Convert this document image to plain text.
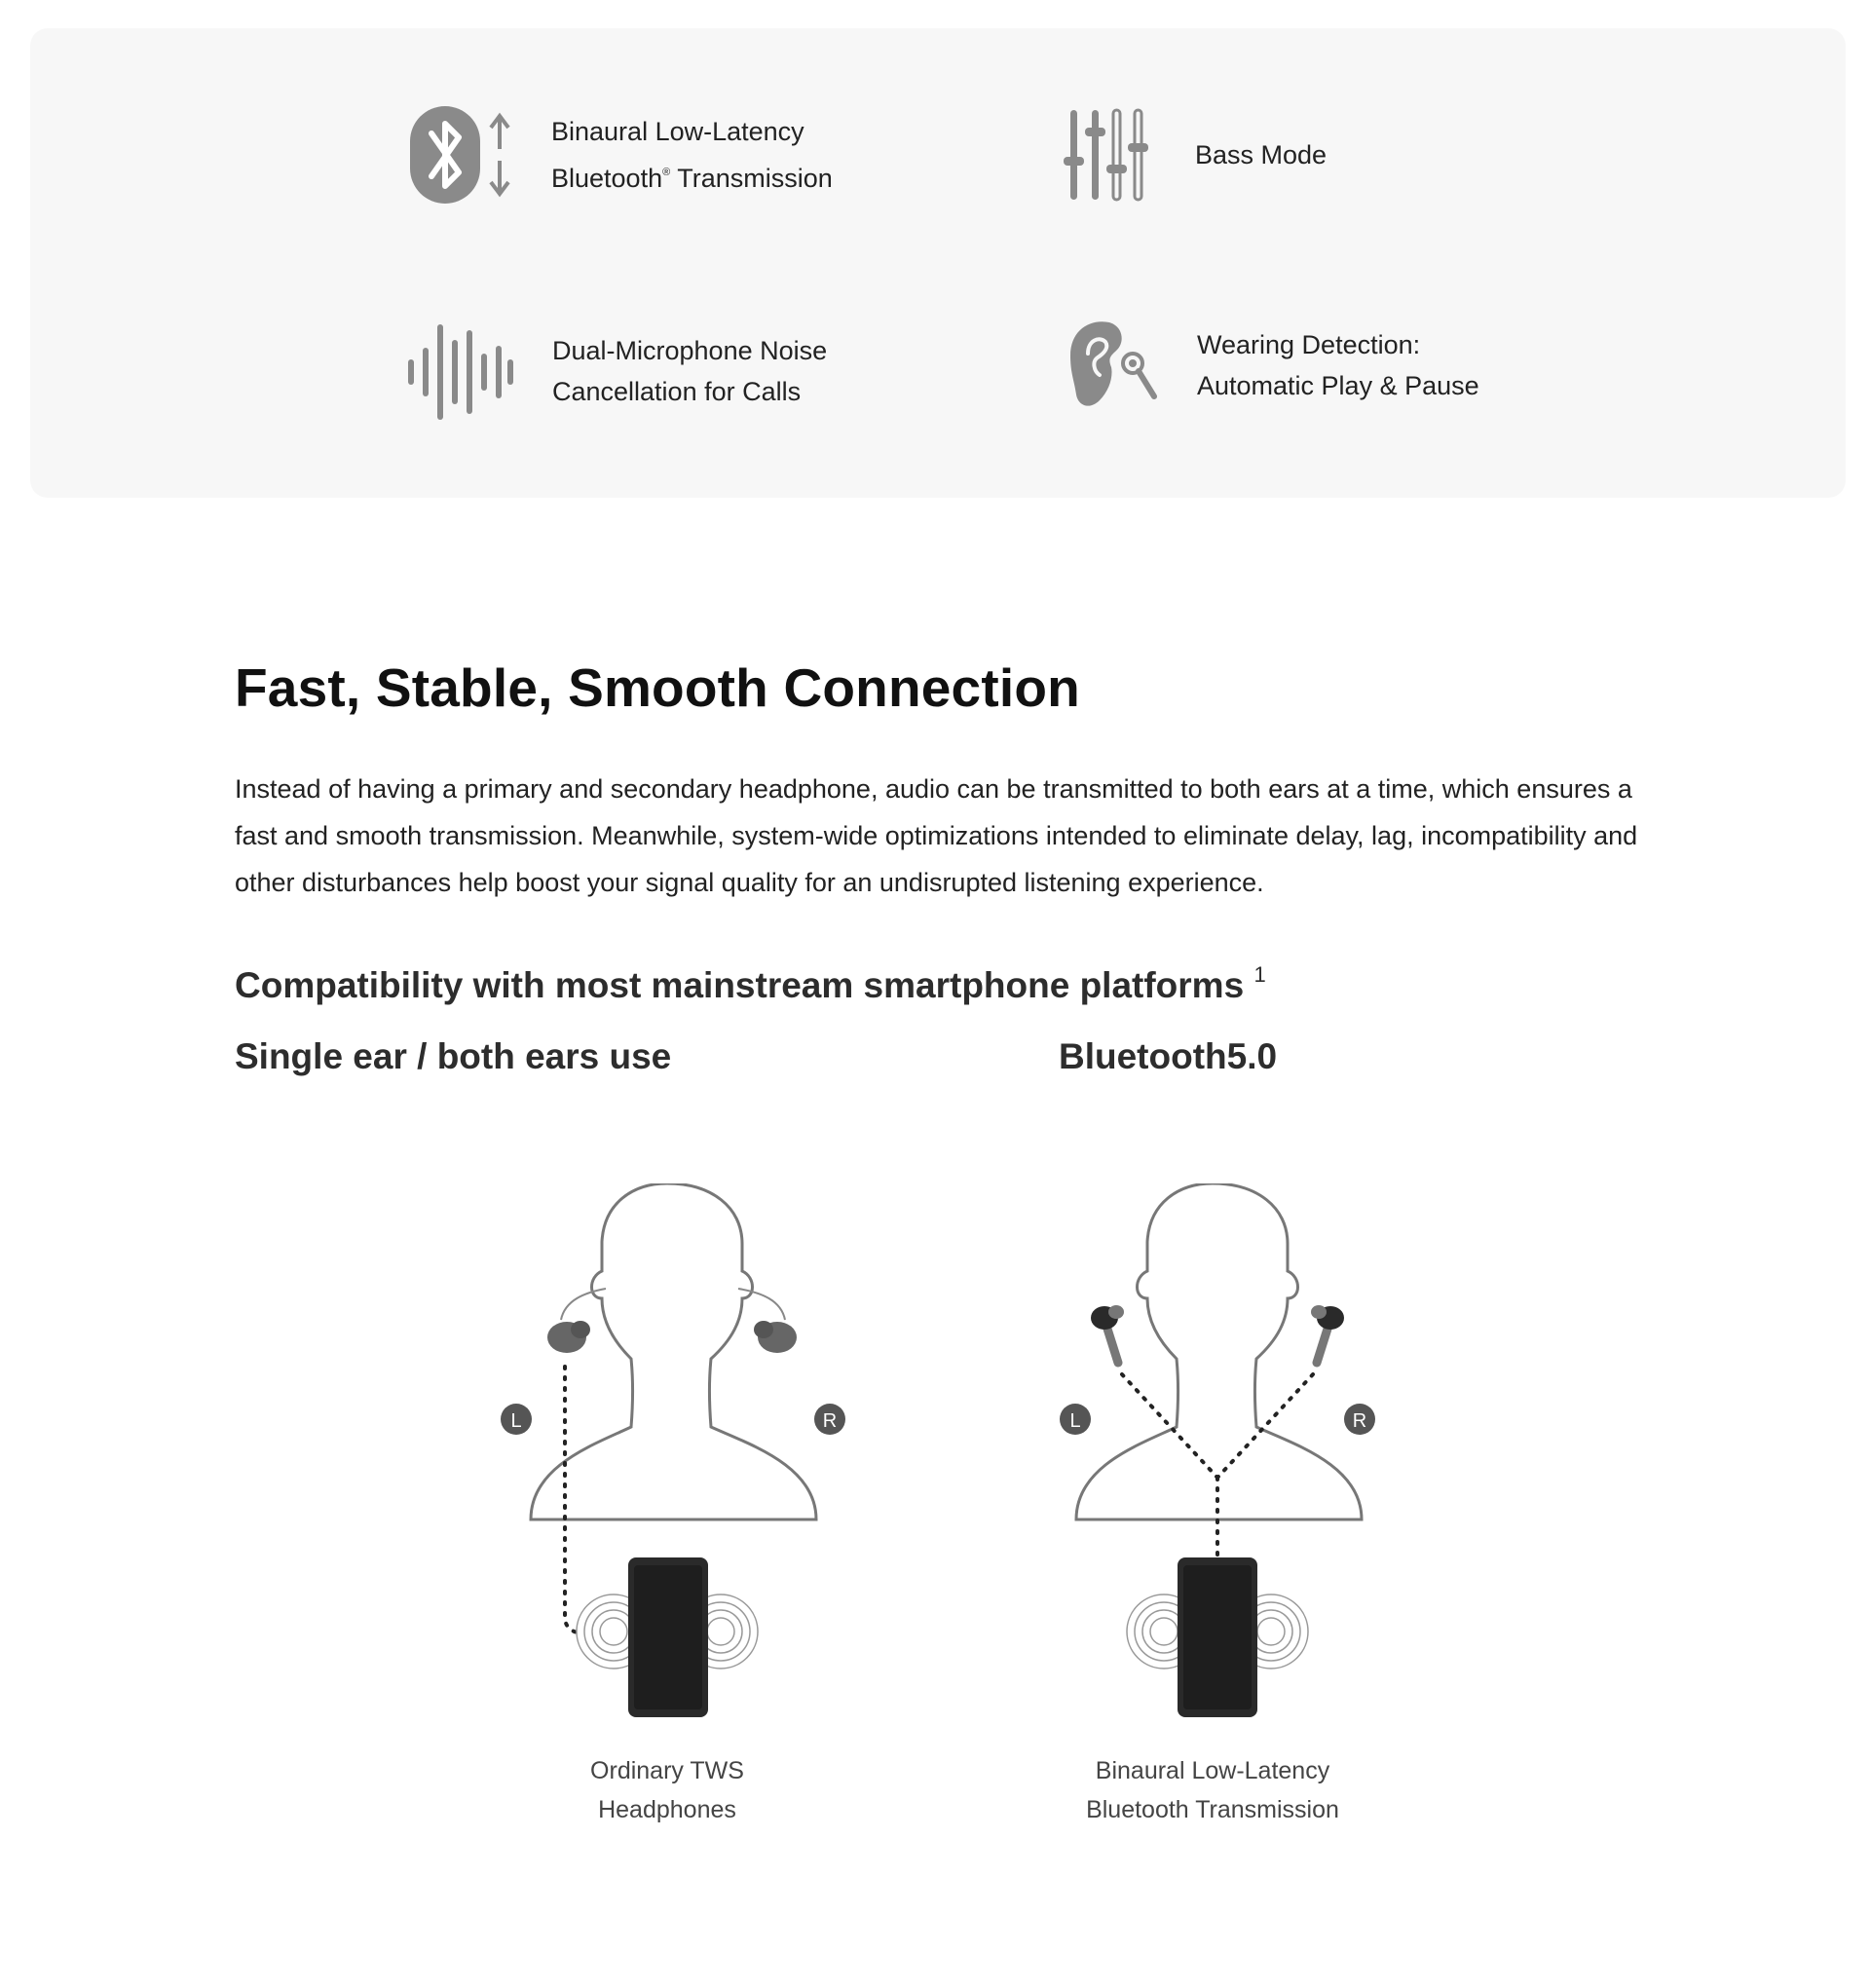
Binaural Low-Latency
Bluetooth® Transmission
Bass Mode
Dual-Microphone Noise
Cancellation for Calls
Wearing Detection:
Automatic Play & Pause
Fast, Stable, Smooth Connection

Instead of having a primary and secondary headphone, audio can be transmitted to both ears at a time, which ensures a fast and smooth transmission. Meanwhile, system-wide optimizations intended to eliminate delay, lag, incompatibility and other disturbances help boost your signal quality for an undisrupted listening experience.

Compatibility with most mainstream smartphone platforms $^1$
Single ear / both ears use	Bluetooth5.0
L	R	L	R
Ordinary TWS
Headphones
Binaural Low-Latency
Bluetooth Transmission
